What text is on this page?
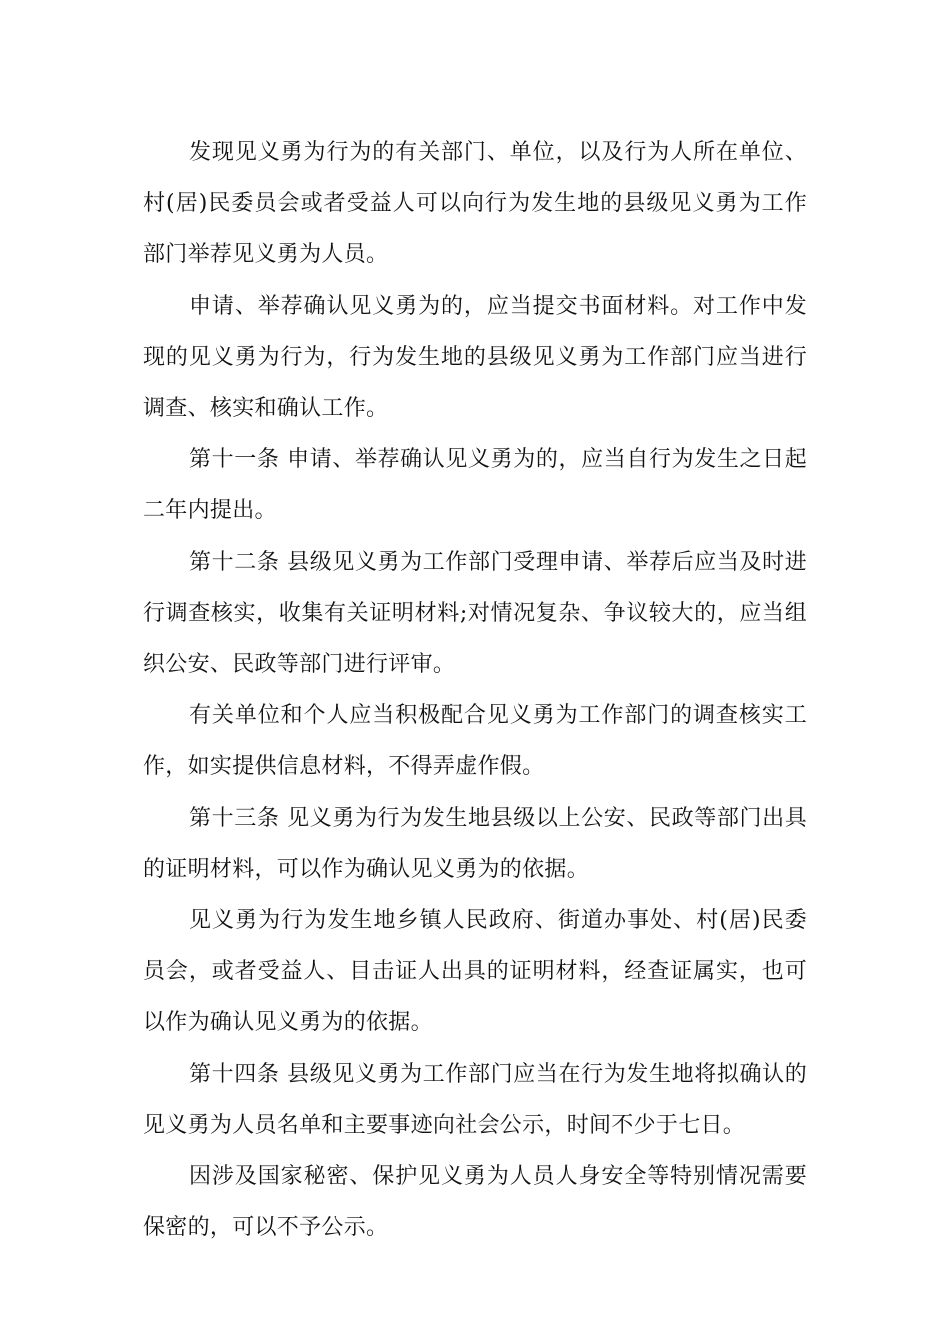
发现见义勇为行为的有关部门、单位，以及行为人所在单位、村(居)民委员会或者受益人可以向行为发生地的县级见义勇为工作部门举荐见义勇为人员。

申请、举荐确认见义勇为的，应当提交书面材料。对工作中发现的见义勇为行为，行为发生地的县级见义勇为工作部门应当进行调查、核实和确认工作。

第十一条 申请、举荐确认见义勇为的，应当自行为发生之日起二年内提出。

第十二条 县级见义勇为工作部门受理申请、举荐后应当及时进行调查核实，收集有关证明材料;对情况复杂、争议较大的，应当组织公安、民政等部门进行评审。

有关单位和个人应当积极配合见义勇为工作部门的调查核实工作，如实提供信息材料，不得弄虚作假。

第十三条 见义勇为行为发生地县级以上公安、民政等部门出具的证明材料，可以作为确认见义勇为的依据。

见义勇为行为发生地乡镇人民政府、街道办事处、村(居)民委员会，或者受益人、目击证人出具的证明材料，经查证属实，也可以作为确认见义勇为的依据。

第十四条 县级见义勇为工作部门应当在行为发生地将拟确认的见义勇为人员名单和主要事迹向社会公示，时间不少于七日。

因涉及国家秘密、保护见义勇为人员人身安全等特别情况需要保密的，可以不予公示。
